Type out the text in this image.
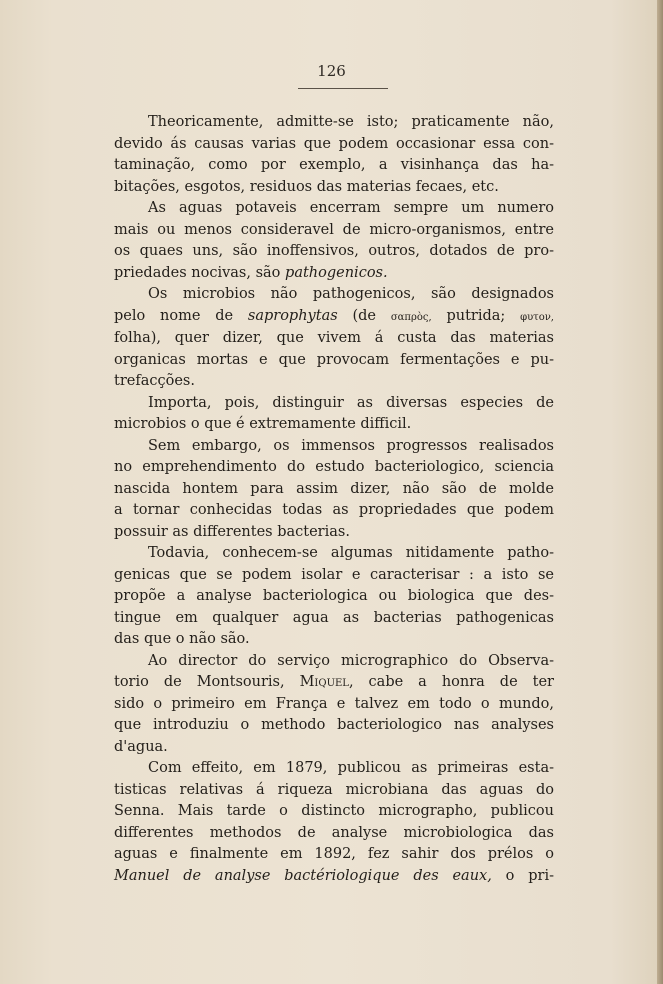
126

Theoricamente, admitte-se isto; praticamente não,
devido ás causas varias que podem occasionar essa con-
taminação, como por exemplo, a visinhança das ha-
bitações, esgotos, residuos das materias fecaes, etc.

As aguas potaveis encerram sempre um numero
mais ou menos consideravel de micro-organismos, entre
os quaes uns, são inoffensivos, outros, dotados de pro-
priedades nocivas, são pathogenicos.

Os microbios não pathogenicos, são designados
pelo nome de saprophytas (de σαπρὸς, putrida; φυτον,
folha), quer dizer, que vivem á custa das materias
organicas mortas e que provocam fermentações e pu-
trefacções.

Importa, pois, distinguir as diversas especies de
microbios o que é extremamente difficil.

Sem embargo, os immensos progressos realisados
no emprehendimento do estudo bacteriologico, sciencia
nascida hontem para assim dizer, não são de molde
a tornar conhecidas todas as propriedades que podem
possuir as differentes bacterias.

Todavia, conhecem-se algumas nitidamente patho-
genicas que se podem isolar e caracterisar : a isto se
propõe a analyse bacteriologica ou biologica que des-
tingue em qualquer agua as bacterias pathogenicas
das que o não são.

Ao director do serviço micrographico do Observa-
torio de Montsouris, Miquel, cabe a honra de ter
sido o primeiro em França e talvez em todo o mundo,
que introduziu o methodo bacteriologico nas analyses
d'agua.

Com effeito, em 1879, publicou as primeiras esta-
tisticas relativas á riqueza microbiana das aguas do
Senna. Mais tarde o distincto micrographo, publicou
differentes methodos de analyse microbiologica das
aguas e finalmente em 1892, fez sahir dos prélos o
Manuel de analyse bactériologique des eaux, o pri-
